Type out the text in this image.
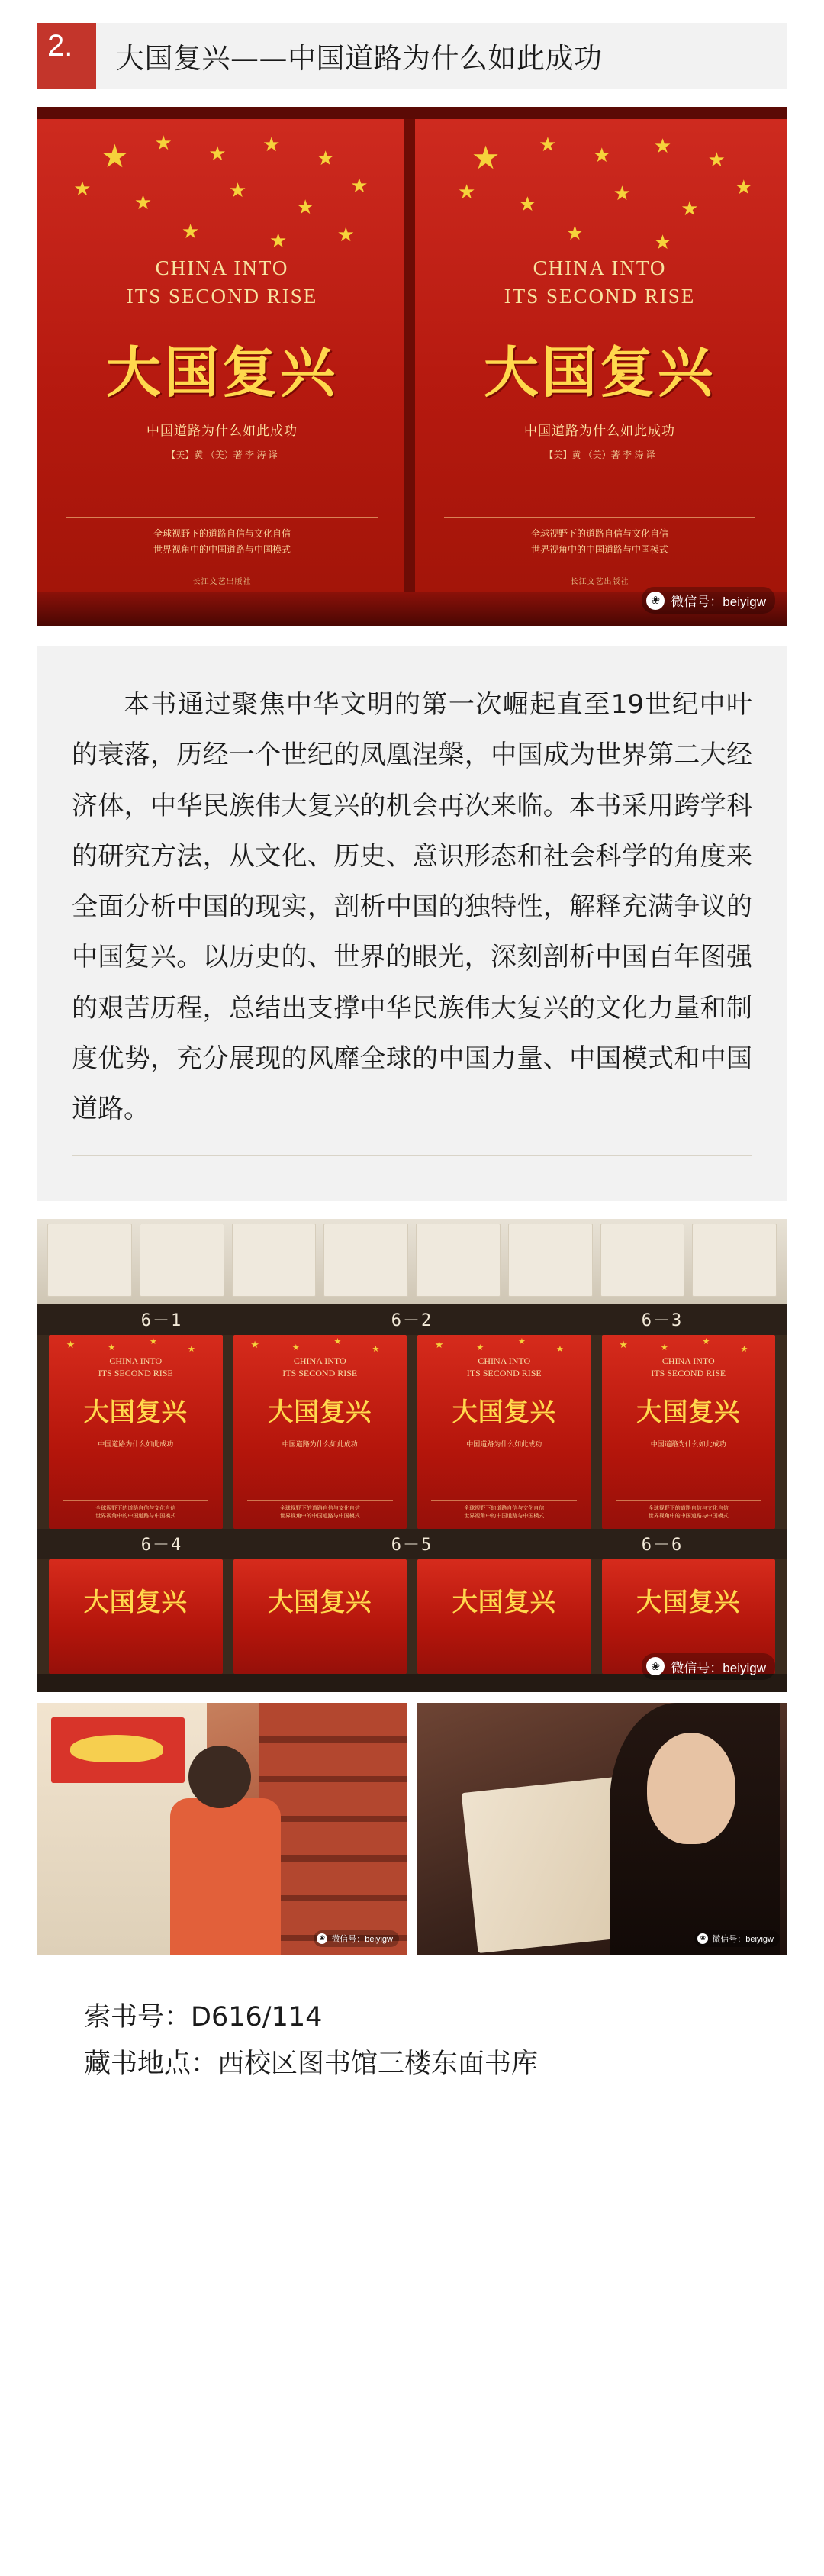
2.	大国复兴——中国道路为什么如此成功
★ ★ ★ ★
★
★
★
★
★
★
★	★	★
CHINA INTO
ITS SECOND RISE
大国复兴
中国道路为什么如此成功
【美】黄 （美）著 李 涛 译
全球视野下的道路自信与文化自信
世界视角中的中国道路与中国模式
长江文艺出版社
★ ★ ★ ★
★
★
★	★
★
★
★	★
CHINA INTO
ITS SECOND RISE
大国复兴
中国道路为什么如此成功
【美】黄 （美）著 李 涛 译
全球视野下的道路自信与文化自信
世界视角中的中国道路与中国模式
长江文艺出版社
❀ 微信号：beiyigw
本书通过聚焦中华文明的第一次崛起直至19世纪中叶的衰落，历经一个世纪的凤凰涅槃，中国成为世界第二大经济体，中华民族伟大复兴的机会再次来临。本书采用跨学科的研究方法，从文化、历史、意识形态和社会科学的角度来全面分析中国的现实，剖析中国的独特性，解释充满争议的中国复兴。以历史的、世界的眼光，深刻剖析中国百年图强的艰苦历程，总结出支撑中华民族伟大复兴的文化力量和制度优势，充分展现的风靡全球的中国力量、中国模式和中国道路。
6－1	6－2	6－3
★	★
★
★
CHINA INTO
ITS SECOND RISE
大国复兴
中国道路为什么如此成功
全球视野下的道路自信与文化自信
世界视角中的中国道路与中国模式
★	★
★
★
CHINA INTO
ITS SECOND RISE
大国复兴
中国道路为什么如此成功
全球视野下的道路自信与文化自信
世界视角中的中国道路与中国模式
★	★
★
★
CHINA INTO
ITS SECOND RISE
大国复兴
中国道路为什么如此成功
全球视野下的道路自信与文化自信
世界视角中的中国道路与中国模式
★	★
★
★
CHINA INTO
ITS SECOND RISE
大国复兴
中国道路为什么如此成功
全球视野下的道路自信与文化自信
世界视角中的中国道路与中国模式
6－4	6－5	6－6
大国复兴	大国复兴	大国复兴	大国复兴
❀ 微信号：beiyigw
❀ 微信号：beiyigw	❀ 微信号：beiyigw
索书号：D616/114
藏书地点：西校区图书馆三楼东面书库
